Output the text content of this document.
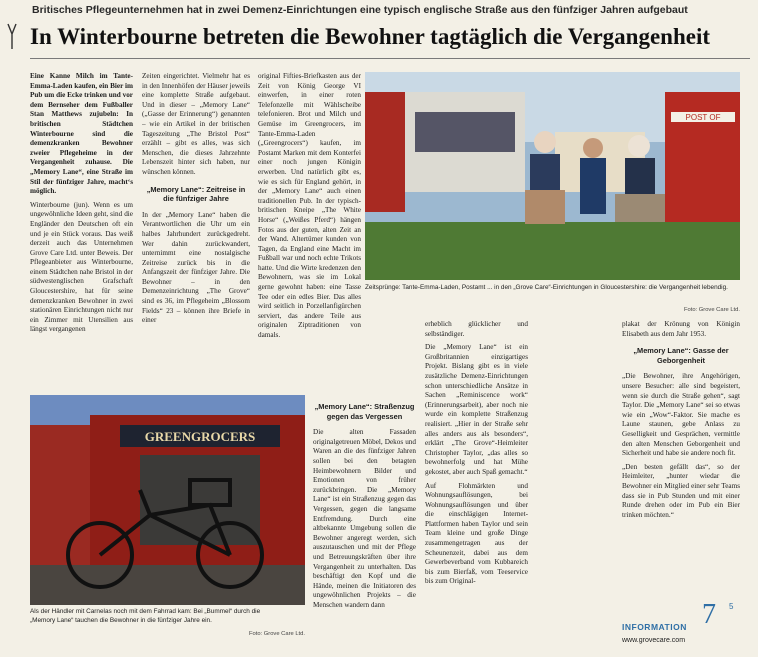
Britisches Pflegeunternehmen hat in zwei Demenz-Einrichtungen eine typisch englische Straße aus den fünfziger Jahren aufgebaut
In Winterbourne betreten die Bewohner tagtäglich die Vergangenheit

Eine Kanne Milch im Tante-Emma-Laden kaufen, ein Bier im Pub um die Ecke trinken und vor dem Bernseher dem Fußballer Stan Matthews zujubeln: In britischen Städtchen Winterbourne sind die demenzkranken Bewohner zweier Pflegeheime in der Vergangenheit zuhause. Die „Memory Lane“, eine Straße im Stil der fünfziger Jahre, macht‘s möglich.

Winterbourne (jun). Wenn es um ungewöhnliche Ideen geht, sind die Engländer den Deutschen oft ein und je ein Stück voraus. Das weiß derzeit auch das Unternehmen Grove Care Ltd. unter Beweis. Der Pflegeanbieter aus Winterbourne, einem Städtchen nahe Bristol in der südwestenglischen Grafschaft Gloucestershire, hat für seine demenzkranken Bewohner in zwei stationären Einrichtungen nicht nur ein Zimmer mit Utensilien aus längst vergangenen

Zeiten eingerichtet. Vielmehr hat es in den Innenhöfen der Häuser jeweils eine komplette Straße aufgebaut. Und in dieser – „Memory Lane“ („Gasse der Erinnerung“) genannten – wie ein Artikel in der britischen Tageszeitung „The Bristol Post“ erzählt – gibt es alles, was sich Menschen, die dieses Jahrzehnte Lebenszeit hinter sich haben, nur wünschen können.

„Memory Lane“: Zeitreise in die fünfziger Jahre

In der „Memory Lane“ haben die Verantwortlichen die Uhr um ein halbes Jahrhundert zurückgedreht. Wer dahin zurückwandert, unternimmt eine nostalgische Zeitreise zurück bis in die Anfangszeit der fünfziger Jahre. Die Bewohner – in den Demenzeinrichtung „The Grove“ sind es 36, im Pflegeheim „Blossom Fields“ 23 – können ihre Briefe in einer

original Fifties-Briefkasten aus der Zeit von König George VI einwerfen, in einer roten Telefonzelle mit Wählscheibe telefonieren. Brot und Milch und Gemüse im Greengrocers, im Tante-Emma-Laden („Greengrocers“) kaufen, im Postamt Marken mit dem Konterfei einer noch jungen Königin erwerben. Und natürlich gibt es, wie es sich für England gehört, in der „Memory Lane“ auch einen traditionellen Pub. In der typisch-britischen Kneipe „The White Horse“ („Weißes Pferd“) hängen Fotos aus der guten, alten Zeit an der Wand. Altertümer kunden von Tagen, da England eine Macht im Fußball war und noch echte Trikots hatte. Und die Wirte kredenzen den Bewohnern, was sie im Lokal gerne gewohnt haben: eine Tasse Tee oder ein edles Bier. Das alles wird seitlich in Porzellanfigürchen serviert, das andere Teile aus originalen Ziptraditionen von damals.

POST OF
Zeitsprünge: Tante-Emma-Laden, Postamt ... in den „Grove Care“-Einrichtungen in Gloucestershire: die Vergangenheit lebendig.
Foto: Grove Care Ltd.
GREENGROCERS
Als der Händler mit Carnelas noch mit dem Fahrrad kam: Bei „Bummel“ durch die „Memory Lane“ tauchen die Bewohner in die fünfziger Jahre ein.
Foto: Grove Care Ltd.
„Memory Lane“: Straßenzug gegen das Vergessen

Die alten Fassaden originalgetreuen Möbel, Dekos und Waren an die des fünfziger Jahren sollen bei den betagten Heimbewohnern Bilder und Emotionen von früher zurückbringen. Die „Memory Lane“ ist ein Straßenzug gegen das Vergessen, gegen die langsame Entfremdung. Durch eine altbekannte Umgebung sollen die Bewohner angeregt werden, sich auszutauschen und mit der Pflege und Betreuungskräften über ihre Vergangenheit zu unterhalten. Das beschäftigt den Kopf und die Hände, meinen die Initiatoren des ungewöhnlichen Projekts – die Menschen wandern dann

erheblich glücklicher und selbständiger.

Die „Memory Lane“ ist ein Großbritannien einzigartiges Projekt. Bislang gibt es in viele zusätzliche Demenz-Einrichtungen schon unterschiedliche Ansätze in Sachen „Reminiscence work“ (Erinnerungsarbeit), aber noch nie wurde ein komplette Straßenzug realisiert. „Hier in der Straße sehr alles anders aus als besonders“, erklärt „The Grove“-Heimleiter Christopher Taylor, „das alles so bewohnerfolg und hat Mühe gekostet, aber auch Spaß gemacht.“

Auf Flohmärkten und Wohnungsauflösungen, bei Wohnungsauflösungen und über die einschlägigen Internet-Plattformen haben Taylor und sein Team kleine und große Dinge zusammengetragen aus der Scheunenzeit, dabei aus dem Gewerbeverband vom Kubbareich bis zum Bierfaß, vom Teeservice bis zum Original-

plakat der Krönung von Königin Elisabeth aus dem Jahr 1953.

„Memory Lane“: Gasse der Geborgenheit

„Die Bewohner, ihre Angehörigen, unsere Besucher: alle sind begeistert, wenn sie durch die Straße gehen“, sagt Taylor. Die „Memory Lane“ sei so etwas wie ein „Wow“-Faktor. Sie mache es Laune staunen, gebe Anlass zu Geselligkeit und Gesprächen, vermittle den alten Menschen Geborgenheit und Sicherheit und habe sie andere noch fit.

„Den besten gefällt das“, so der Heimleiter, „hunter wiedar die Bewohner ein Mitglied einer sehr Teams dass sie in Pub Stunden und mit einer Runde drehen oder im Pub ein Bier trinken möchten.“

INFORMATION
www.grovecare.com
7 5
